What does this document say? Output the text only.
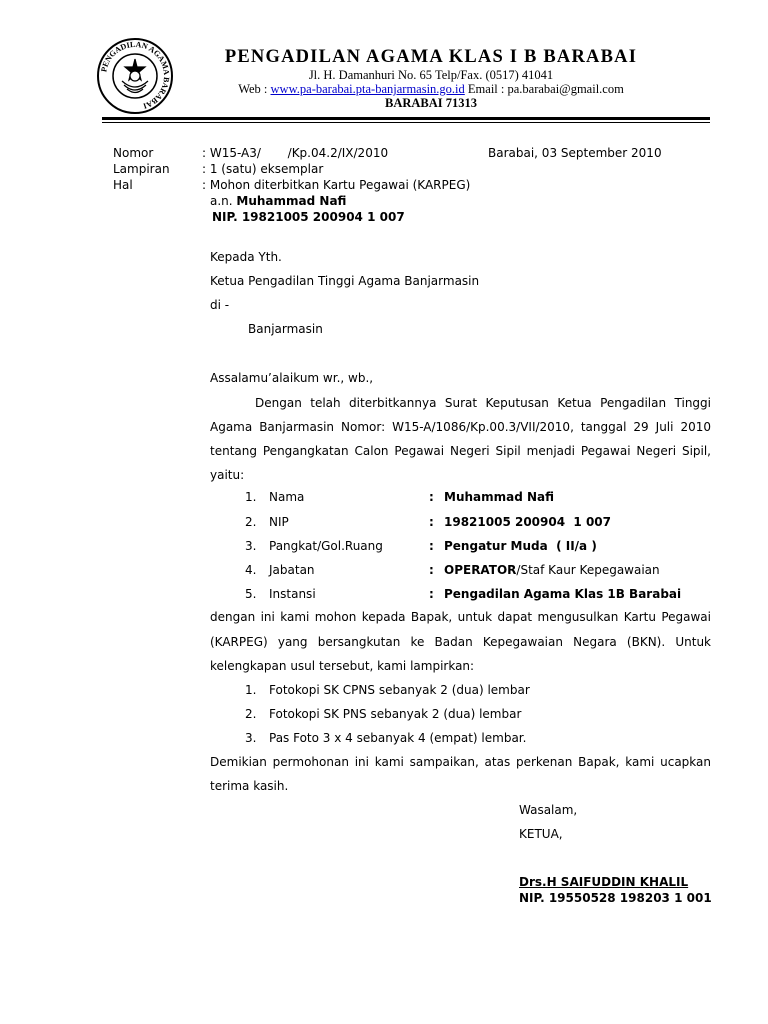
PENGADILAN AGAMA BARABAI
PENGADILAN AGAMA KLAS I B BARABAI
Jl. H. Damanhuri No. 65 Telp/Fax. (0517) 41041
Web : www.pa-barabai.pta-banjarmasin.go.id Email : pa.barabai@gmail.com
BARABAI 71313
Nomor	: W15-A3/       /Kp.04.2/IX/2010	Barabai, 03 September 2010
Lampiran	: 1 (satu) eksemplar
Hal	: Mohon diterbitkan Kartu Pegawai (KARPEG)
a.n. Muhammad Nafi
NIP. 19821005 200904 1 007
Kepada Yth.
Ketua Pengadilan Tinggi Agama Banjarmasin
di -
Banjarmasin
Assalamu’alaikum wr., wb.,
Dengan telah diterbitkannya Surat Keputusan Ketua Pengadilan Tinggi
Agama Banjarmasin Nomor: W15-A/1086/Kp.00.3/VII/2010, tanggal 29 Juli 2010
tentang Pengangkatan Calon Pegawai Negeri Sipil menjadi Pegawai Negeri Sipil,
yaitu:
1. Nama	: Muhammad Nafi
2. NIP	: 19821005 200904  1 007
3. Pangkat/Gol.Ruang	: Pengatur Muda  ( II/a )
4. Jabatan	: OPERATOR/Staf Kaur Kepegawaian
5. Instansi	: Pengadilan Agama Klas 1B Barabai
dengan ini kami mohon kepada Bapak, untuk dapat mengusulkan Kartu Pegawai
(KARPEG) yang bersangkutan ke Badan Kepegawaian Negara (BKN). Untuk
kelengkapan usul tersebut, kami lampirkan:
1. Fotokopi SK CPNS sebanyak 2 (dua) lembar
2. Fotokopi SK PNS sebanyak 2 (dua) lembar
3. Pas Foto 3 x 4 sebanyak 4 (empat) lembar.
Demikian permohonan ini kami sampaikan, atas perkenan Bapak, kami ucapkan
terima kasih.
Wasalam,
KETUA,
Drs.H SAIFUDDIN KHALIL
NIP. 19550528 198203 1 001
